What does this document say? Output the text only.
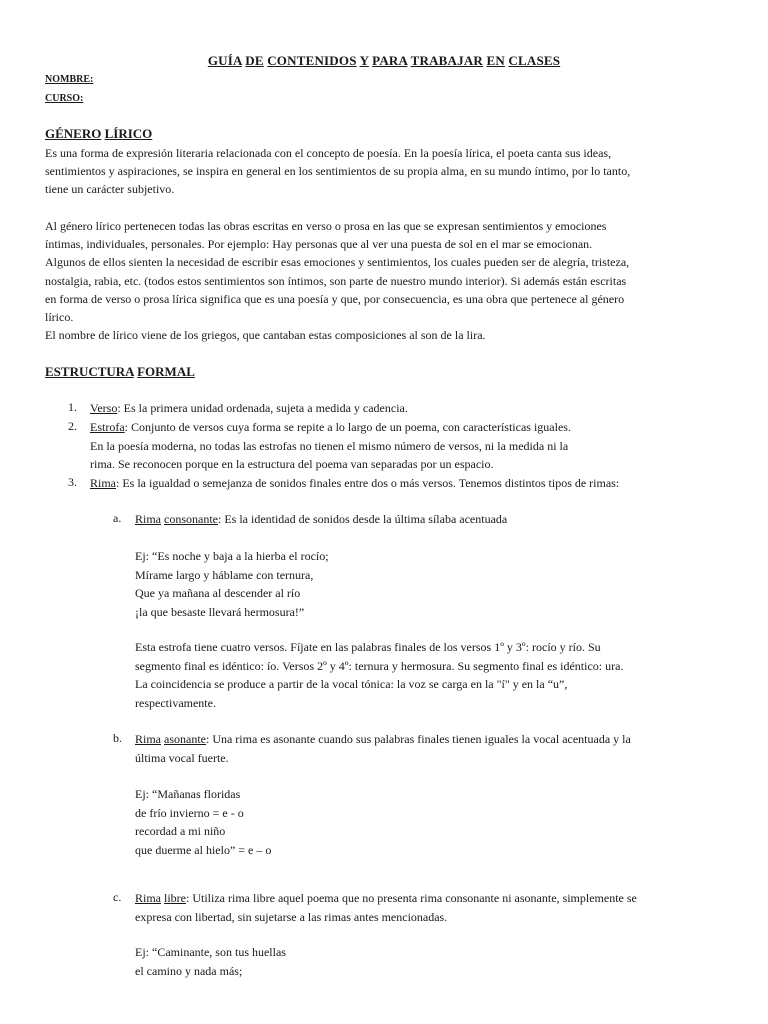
GUÍA DE CONTENIDOS Y PARA TRABAJAR EN CLASES
NOMBRE:
CURSO:
GÉNERO LÍRICO
Es una forma de expresión literaria relacionada con el concepto de poesía. En la poesía lírica, el poeta canta sus ideas,
sentimientos y aspiraciones, se inspira en general en los sentimientos de su propia alma, en su mundo íntimo, por lo tanto,
tiene un carácter subjetivo.
Al género lírico pertenecen todas las obras escritas en verso o prosa en las que se expresan sentimientos y emociones
íntimas, individuales, personales. Por ejemplo: Hay personas que al ver una puesta de sol en el mar se emocionan.
Algunos de ellos sienten la necesidad de escribir esas emociones y sentimientos, los cuales pueden ser de alegría, tristeza,
nostalgia, rabia, etc. (todos estos sentimientos son íntimos, son parte de nuestro mundo interior). Si además están escritas
en forma de verso o prosa lírica significa que es una poesía y que, por consecuencia, es una obra que pertenece al género
lírico.
El nombre de lírico viene de los griegos, que cantaban estas composiciones al son de la lira.
ESTRUCTURA FORMAL
1. Verso: Es la primera unidad ordenada, sujeta a medida y cadencia.
2. Estrofa: Conjunto de versos cuya forma se repite a lo largo de un poema, con características iguales.
En la poesía moderna, no todas las estrofas no tienen el mismo número de versos, ni la medida ni la
rima. Se reconocen porque en la estructura del poema van separadas por un espacio.
3. Rima: Es la igualdad o semejanza de sonidos finales entre dos o más versos. Tenemos distintos tipos de rimas:
a. Rima consonante: Es la identidad de sonidos desde la última sílaba acentuada
Ej: “Es noche y baja a la hierba el rocío;
Mírame largo y háblame con ternura,
Que ya mañana al descender al río
¡la que besaste llevará hermosura!”
Esta estrofa tiene cuatro versos. Fíjate en las palabras finales de los versos 1º y 3º: rocío y río. Su
segmento final es idéntico: ío. Versos 2º y 4º: ternura y hermosura. Su segmento final es idéntico: ura.
La coincidencia se produce a partir de la vocal tónica: la voz se carga en la "í" y en la “u”,
respectivamente.
b. Rima asonante: Una rima es asonante cuando sus palabras finales tienen iguales la vocal acentuada y la
última vocal fuerte.
Ej: “Mañanas floridas
de frío invierno = e - o
recordad a mi niño
que duerme al hielo” = e – o
c. Rima libre: Utiliza rima libre aquel poema que no presenta rima consonante ni asonante, simplemente se
expresa con libertad, sin sujetarse a las rimas antes mencionadas.
Ej: “Caminante, son tus huellas
el camino y nada más;
